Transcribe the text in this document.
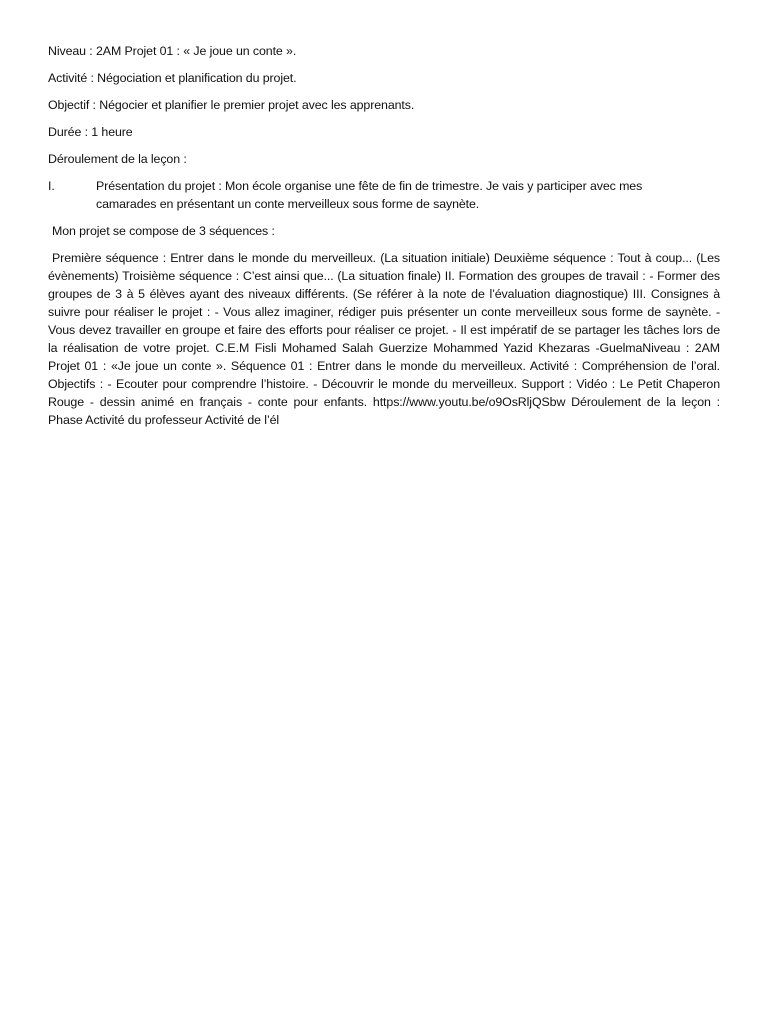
Niveau : 2AM Projet 01 : « Je joue un conte ».

Activité : Négociation et planification du projet.

Objectif : Négocier et planifier le premier projet avec les apprenants.

Durée : 1 heure

Déroulement de la leçon :

I.	Présentation du projet : Mon école organise une fête de fin de trimestre. Je vais y participer avec mes camarades en présentant un conte merveilleux sous forme de saynète.

Mon projet se compose de 3 séquences :

Première séquence : Entrer dans le monde du merveilleux. (La situation initiale) Deuxième séquence : Tout à coup... (Les évènements) Troisième séquence : C’est ainsi que... (La situation finale) II. Formation des groupes de travail : - Former des groupes de 3 à 5 élèves ayant des niveaux différents. (Se référer à la note de l’évaluation diagnostique) III. Consignes à suivre pour réaliser le projet : - Vous allez imaginer, rédiger puis présenter un conte merveilleux sous forme de saynète. - Vous devez travailler en groupe et faire des efforts pour réaliser ce projet. - Il est impératif de se partager les tâches lors de la réalisation de votre projet. C.E.M Fisli Mohamed Salah Guerzize Mohammed Yazid Khezaras -GuelmaNiveau : 2AM Projet 01 : «Je joue un conte ». Séquence 01 : Entrer dans le monde du merveilleux. Activité : Compréhension de l’oral. Objectifs : - Ecouter pour comprendre l’histoire. - Découvrir le monde du merveilleux. Support : Vidéo : Le Petit Chaperon Rouge - dessin animé en français - conte pour enfants. https://www.youtu.be/o9OsRljQSbw Déroulement de la leçon : Phase Activité du professeur Activité de l’él
